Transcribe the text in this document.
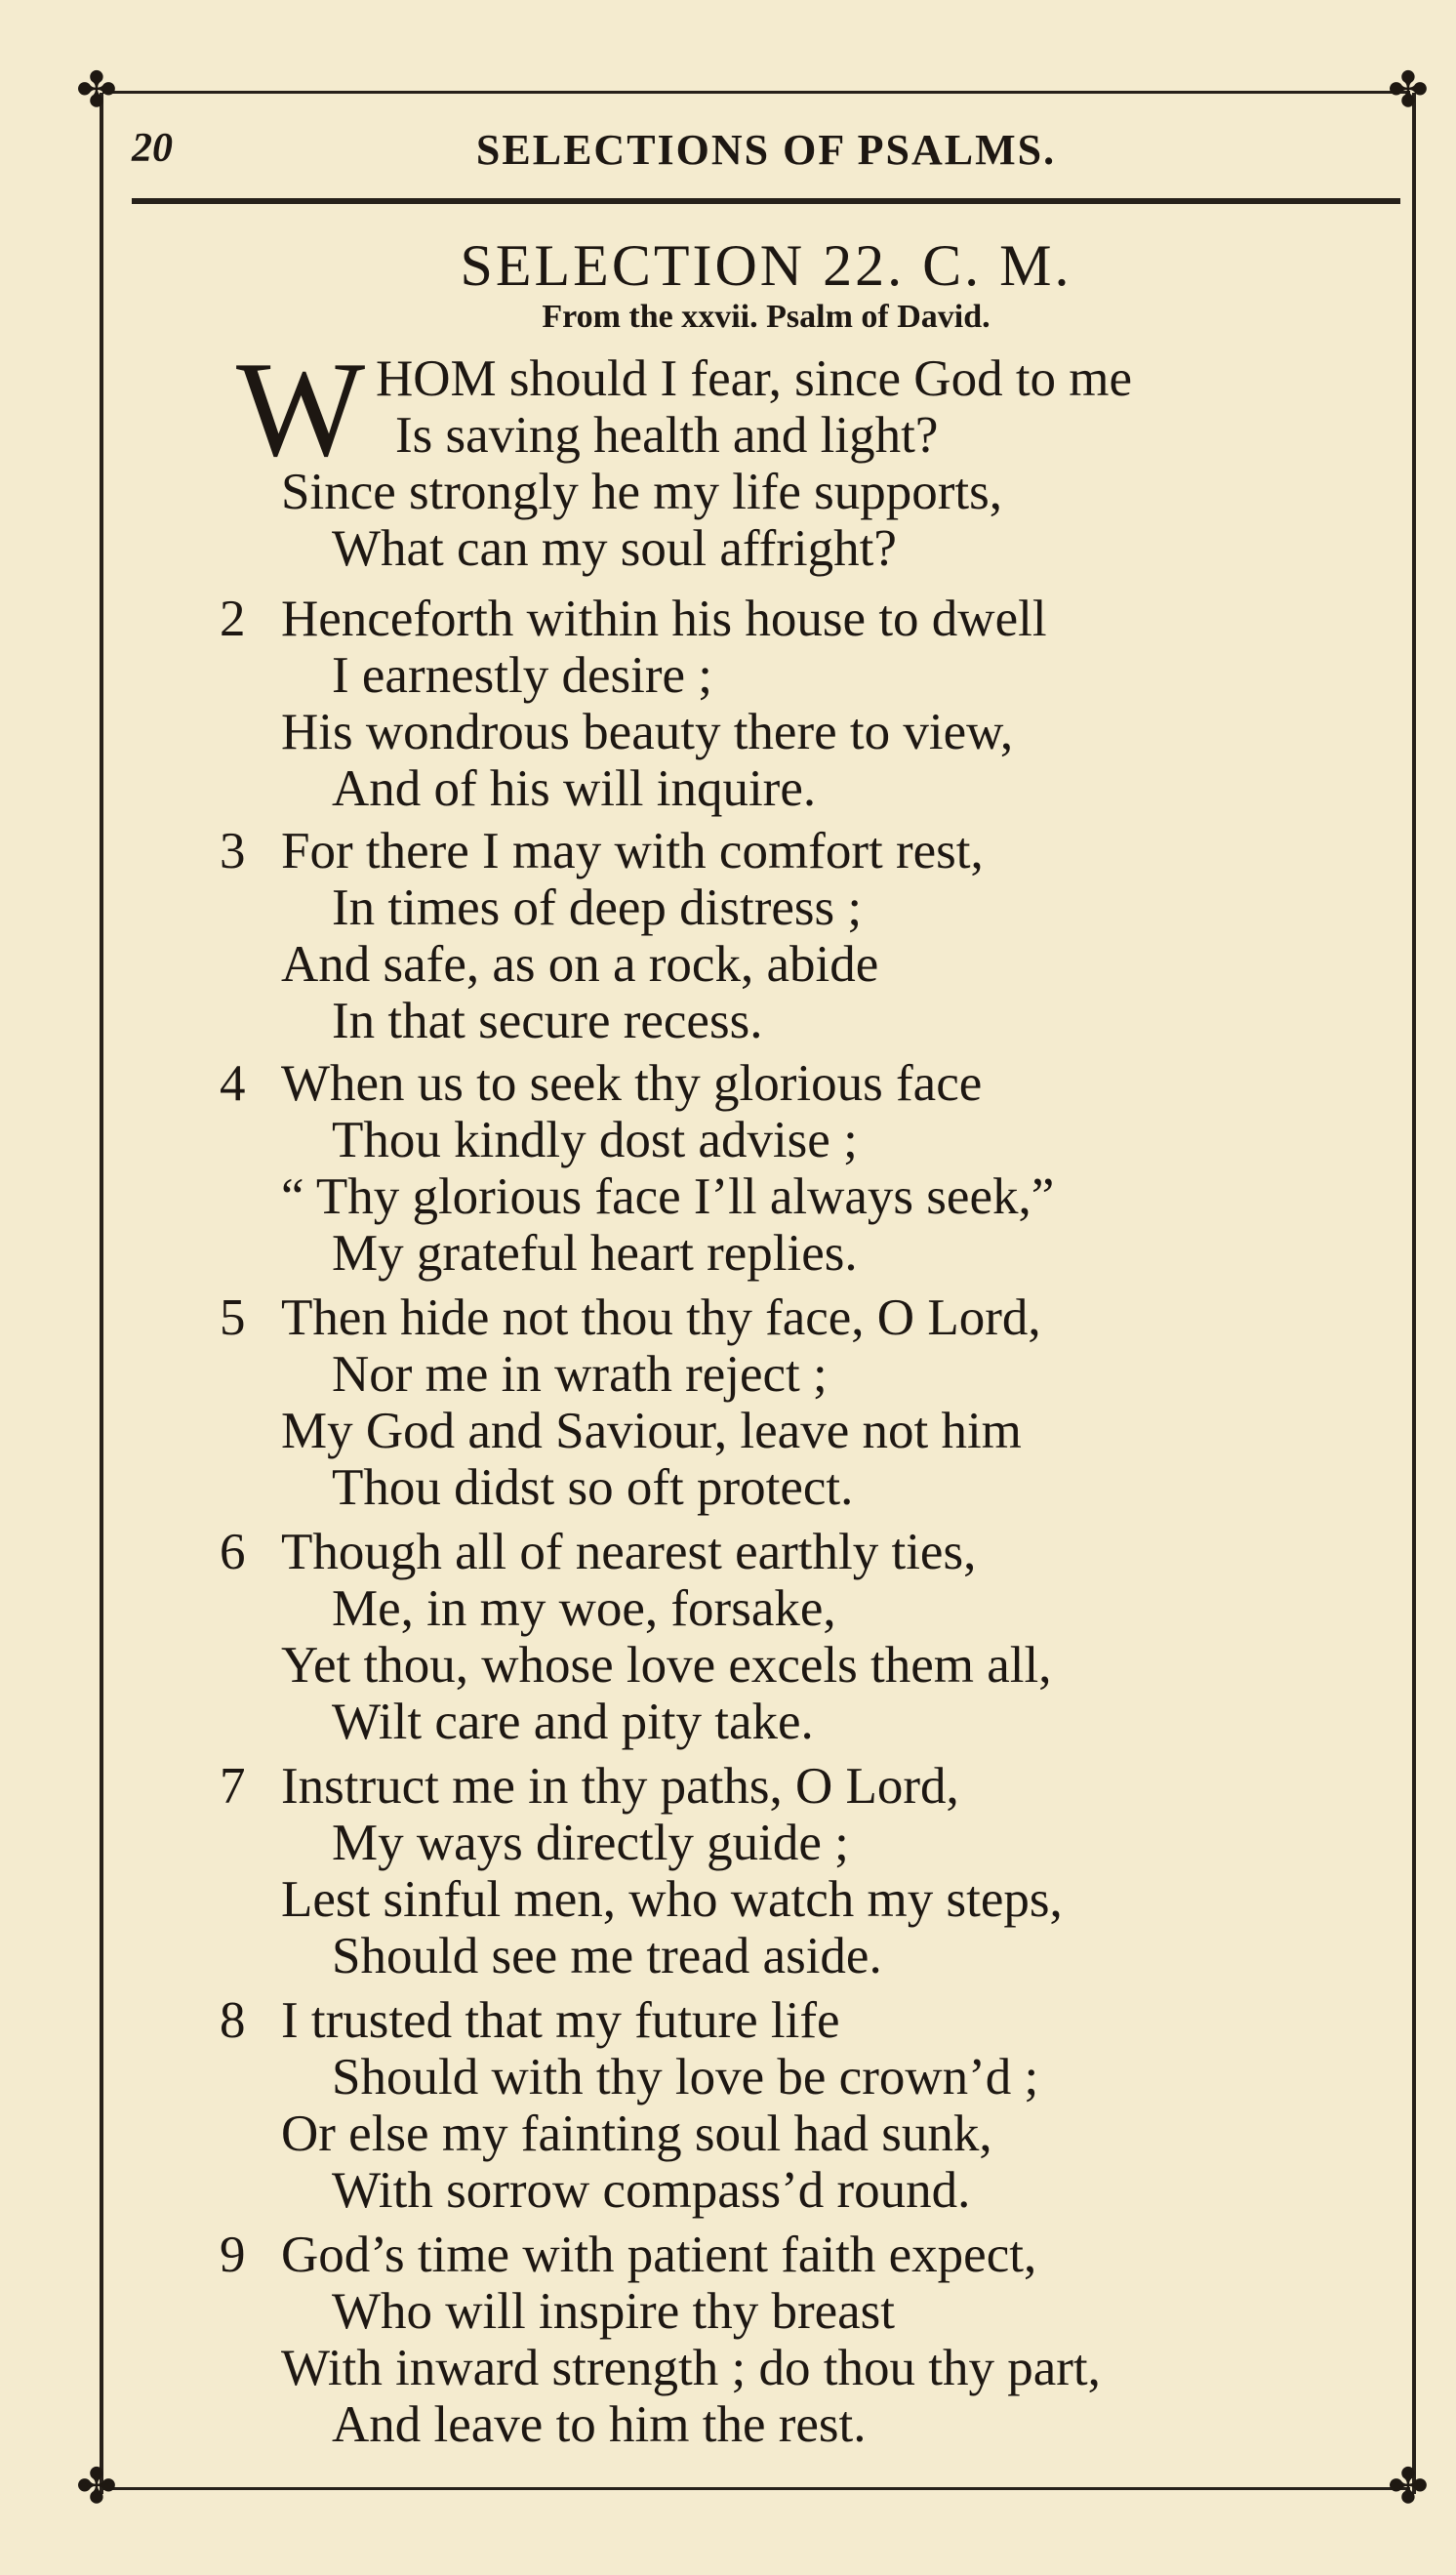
✤	✤
✤	✤
20	SELECTIONS OF PSALMS.
SELECTION 22. C. M.
From the xxvii. Psalm of David.
W HOM should I fear, since God to me
Is saving health and light?
Since strongly he my life supports,
What can my soul affright?
2 Henceforth within his house to dwell
I earnestly desire ;
His wondrous beauty there to view,
And of his will inquire.
3 For there I may with comfort rest,
In times of deep distress ;
And safe, as on a rock, abide
In that secure recess.
4 When us to seek thy glorious face
Thou kindly dost advise ;
“ Thy glorious face I’ll always seek,”
My grateful heart replies.
5 Then hide not thou thy face, O Lord,
Nor me in wrath reject ;
My God and Saviour, leave not him
Thou didst so oft protect.
6 Though all of nearest earthly ties,
Me, in my woe, forsake,
Yet thou, whose love excels them all,
Wilt care and pity take.
7 Instruct me in thy paths, O Lord,
My ways directly guide ;
Lest sinful men, who watch my steps,
Should see me tread aside.
8 I trusted that my future life
Should with thy love be crown’d ;
Or else my fainting soul had sunk,
With sorrow compass’d round.
9 God’s time with patient faith expect,
Who will inspire thy breast
With inward strength ; do thou thy part,
And leave to him the rest.
